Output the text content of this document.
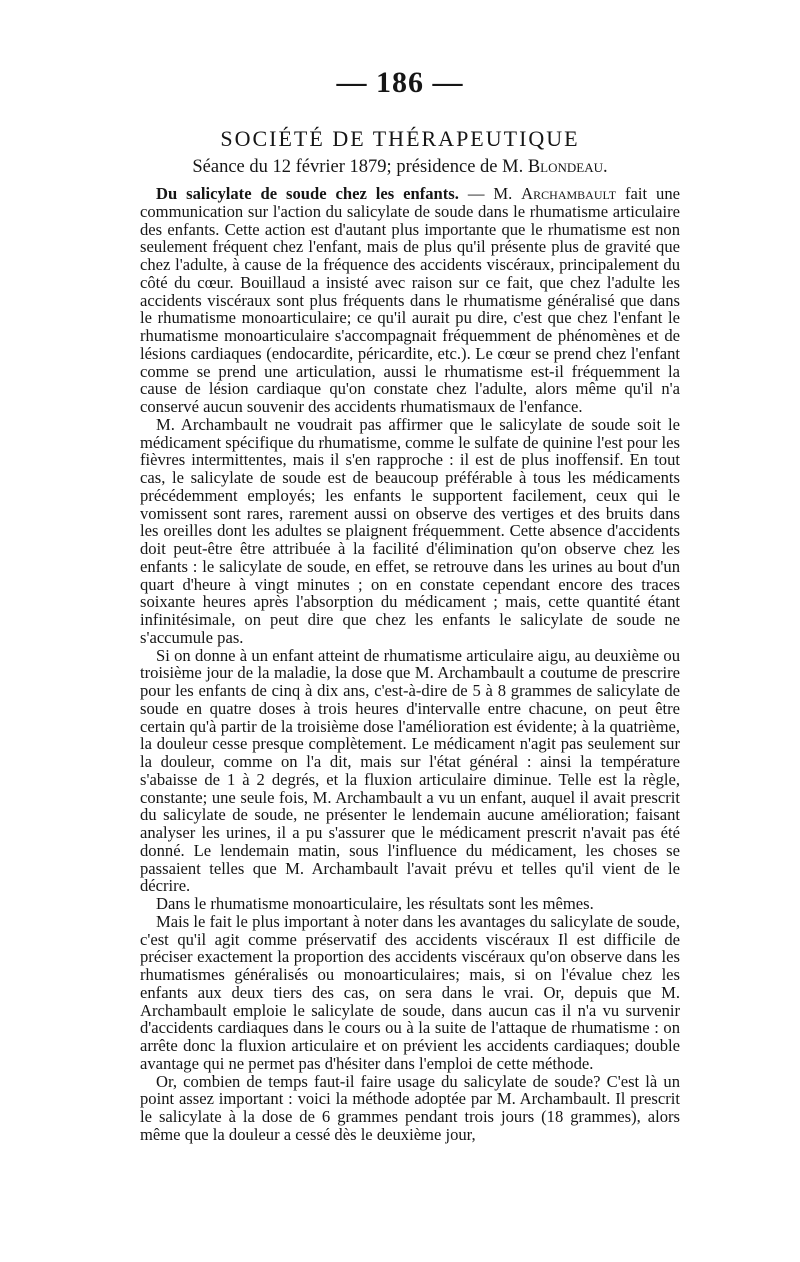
— 186 —
SOCIÉTÉ DE THÉRAPEUTIQUE
Séance du 12 février 1879; présidence de M. Blondeau.

Du salicylate de soude chez les enfants. — M. Archambault fait une communication sur l'action du salicylate de soude dans le rhumatisme articulaire des enfants. Cette action est d'autant plus importante que le rhumatisme est non seulement fréquent chez l'enfant, mais de plus qu'il présente plus de gravité que chez l'adulte, à cause de la fréquence des accidents viscéraux, principalement du côté du cœur. Bouillaud a insisté avec raison sur ce fait, que chez l'adulte les accidents viscéraux sont plus fréquents dans le rhumatisme généralisé que dans le rhumatisme monoarticulaire; ce qu'il aurait pu dire, c'est que chez l'enfant le rhumatisme monoarticulaire s'accompagnait fréquemment de phénomènes et de lésions cardiaques (endocardite, péricardite, etc.). Le cœur se prend chez l'enfant comme se prend une articulation, aussi le rhumatisme est-il fréquemment la cause de lésion cardiaque qu'on constate chez l'adulte, alors même qu'il n'a conservé aucun souvenir des accidents rhumatismaux de l'enfance.

M. Archambault ne voudrait pas affirmer que le salicylate de soude soit le médicament spécifique du rhumatisme, comme le sulfate de quinine l'est pour les fièvres intermittentes, mais il s'en rapproche : il est de plus inoffensif. En tout cas, le salicylate de soude est de beaucoup préférable à tous les médicaments précédemment employés; les enfants le supportent facilement, ceux qui le vomissent sont rares, rarement aussi on observe des vertiges et des bruits dans les oreilles dont les adultes se plaignent fréquemment. Cette absence d'accidents doit peut-être être attribuée à la facilité d'élimination qu'on observe chez les enfants : le salicylate de soude, en effet, se retrouve dans les urines au bout d'un quart d'heure à vingt minutes ; on en constate cependant encore des traces soixante heures après l'absorption du médicament ; mais, cette quantité étant infinitésimale, on peut dire que chez les enfants le salicylate de soude ne s'accumule pas.

Si on donne à un enfant atteint de rhumatisme articulaire aigu, au deuxième ou troisième jour de la maladie, la dose que M. Archambault a coutume de prescrire pour les enfants de cinq à dix ans, c'est-à-dire de 5 à 8 grammes de salicylate de soude en quatre doses à trois heures d'intervalle entre chacune, on peut être certain qu'à partir de la troisième dose l'amélioration est évidente; à la quatrième, la douleur cesse presque complètement. Le médicament n'agit pas seulement sur la douleur, comme on l'a dit, mais sur l'état général : ainsi la température s'abaisse de 1 à 2 degrés, et la fluxion articulaire diminue. Telle est la règle, constante; une seule fois, M. Archambault a vu un enfant, auquel il avait prescrit du salicylate de soude, ne présenter le lendemain aucune amélioration; faisant analyser les urines, il a pu s'assurer que le médicament prescrit n'avait pas été donné. Le lendemain matin, sous l'influence du médicament, les choses se passaient telles que M. Archambault l'avait prévu et telles qu'il vient de le décrire.

Dans le rhumatisme monoarticulaire, les résultats sont les mêmes.

Mais le fait le plus important à noter dans les avantages du salicylate de soude, c'est qu'il agit comme préservatif des accidents viscéraux Il est difficile de préciser exactement la proportion des accidents viscéraux qu'on observe dans les rhumatismes généralisés ou monoarticulaires; mais, si on l'évalue chez les enfants aux deux tiers des cas, on sera dans le vrai. Or, depuis que M. Archambault emploie le salicylate de soude, dans aucun cas il n'a vu survenir d'accidents cardiaques dans le cours ou à la suite de l'attaque de rhumatisme : on arrête donc la fluxion articulaire et on prévient les accidents cardiaques; double avantage qui ne permet pas d'hésiter dans l'emploi de cette méthode.

Or, combien de temps faut-il faire usage du salicylate de soude? C'est là un point assez important : voici la méthode adoptée par M. Archambault. Il prescrit le salicylate à la dose de 6 grammes pendant trois jours (18 grammes), alors même que la douleur a cessé dès le deuxième jour,
